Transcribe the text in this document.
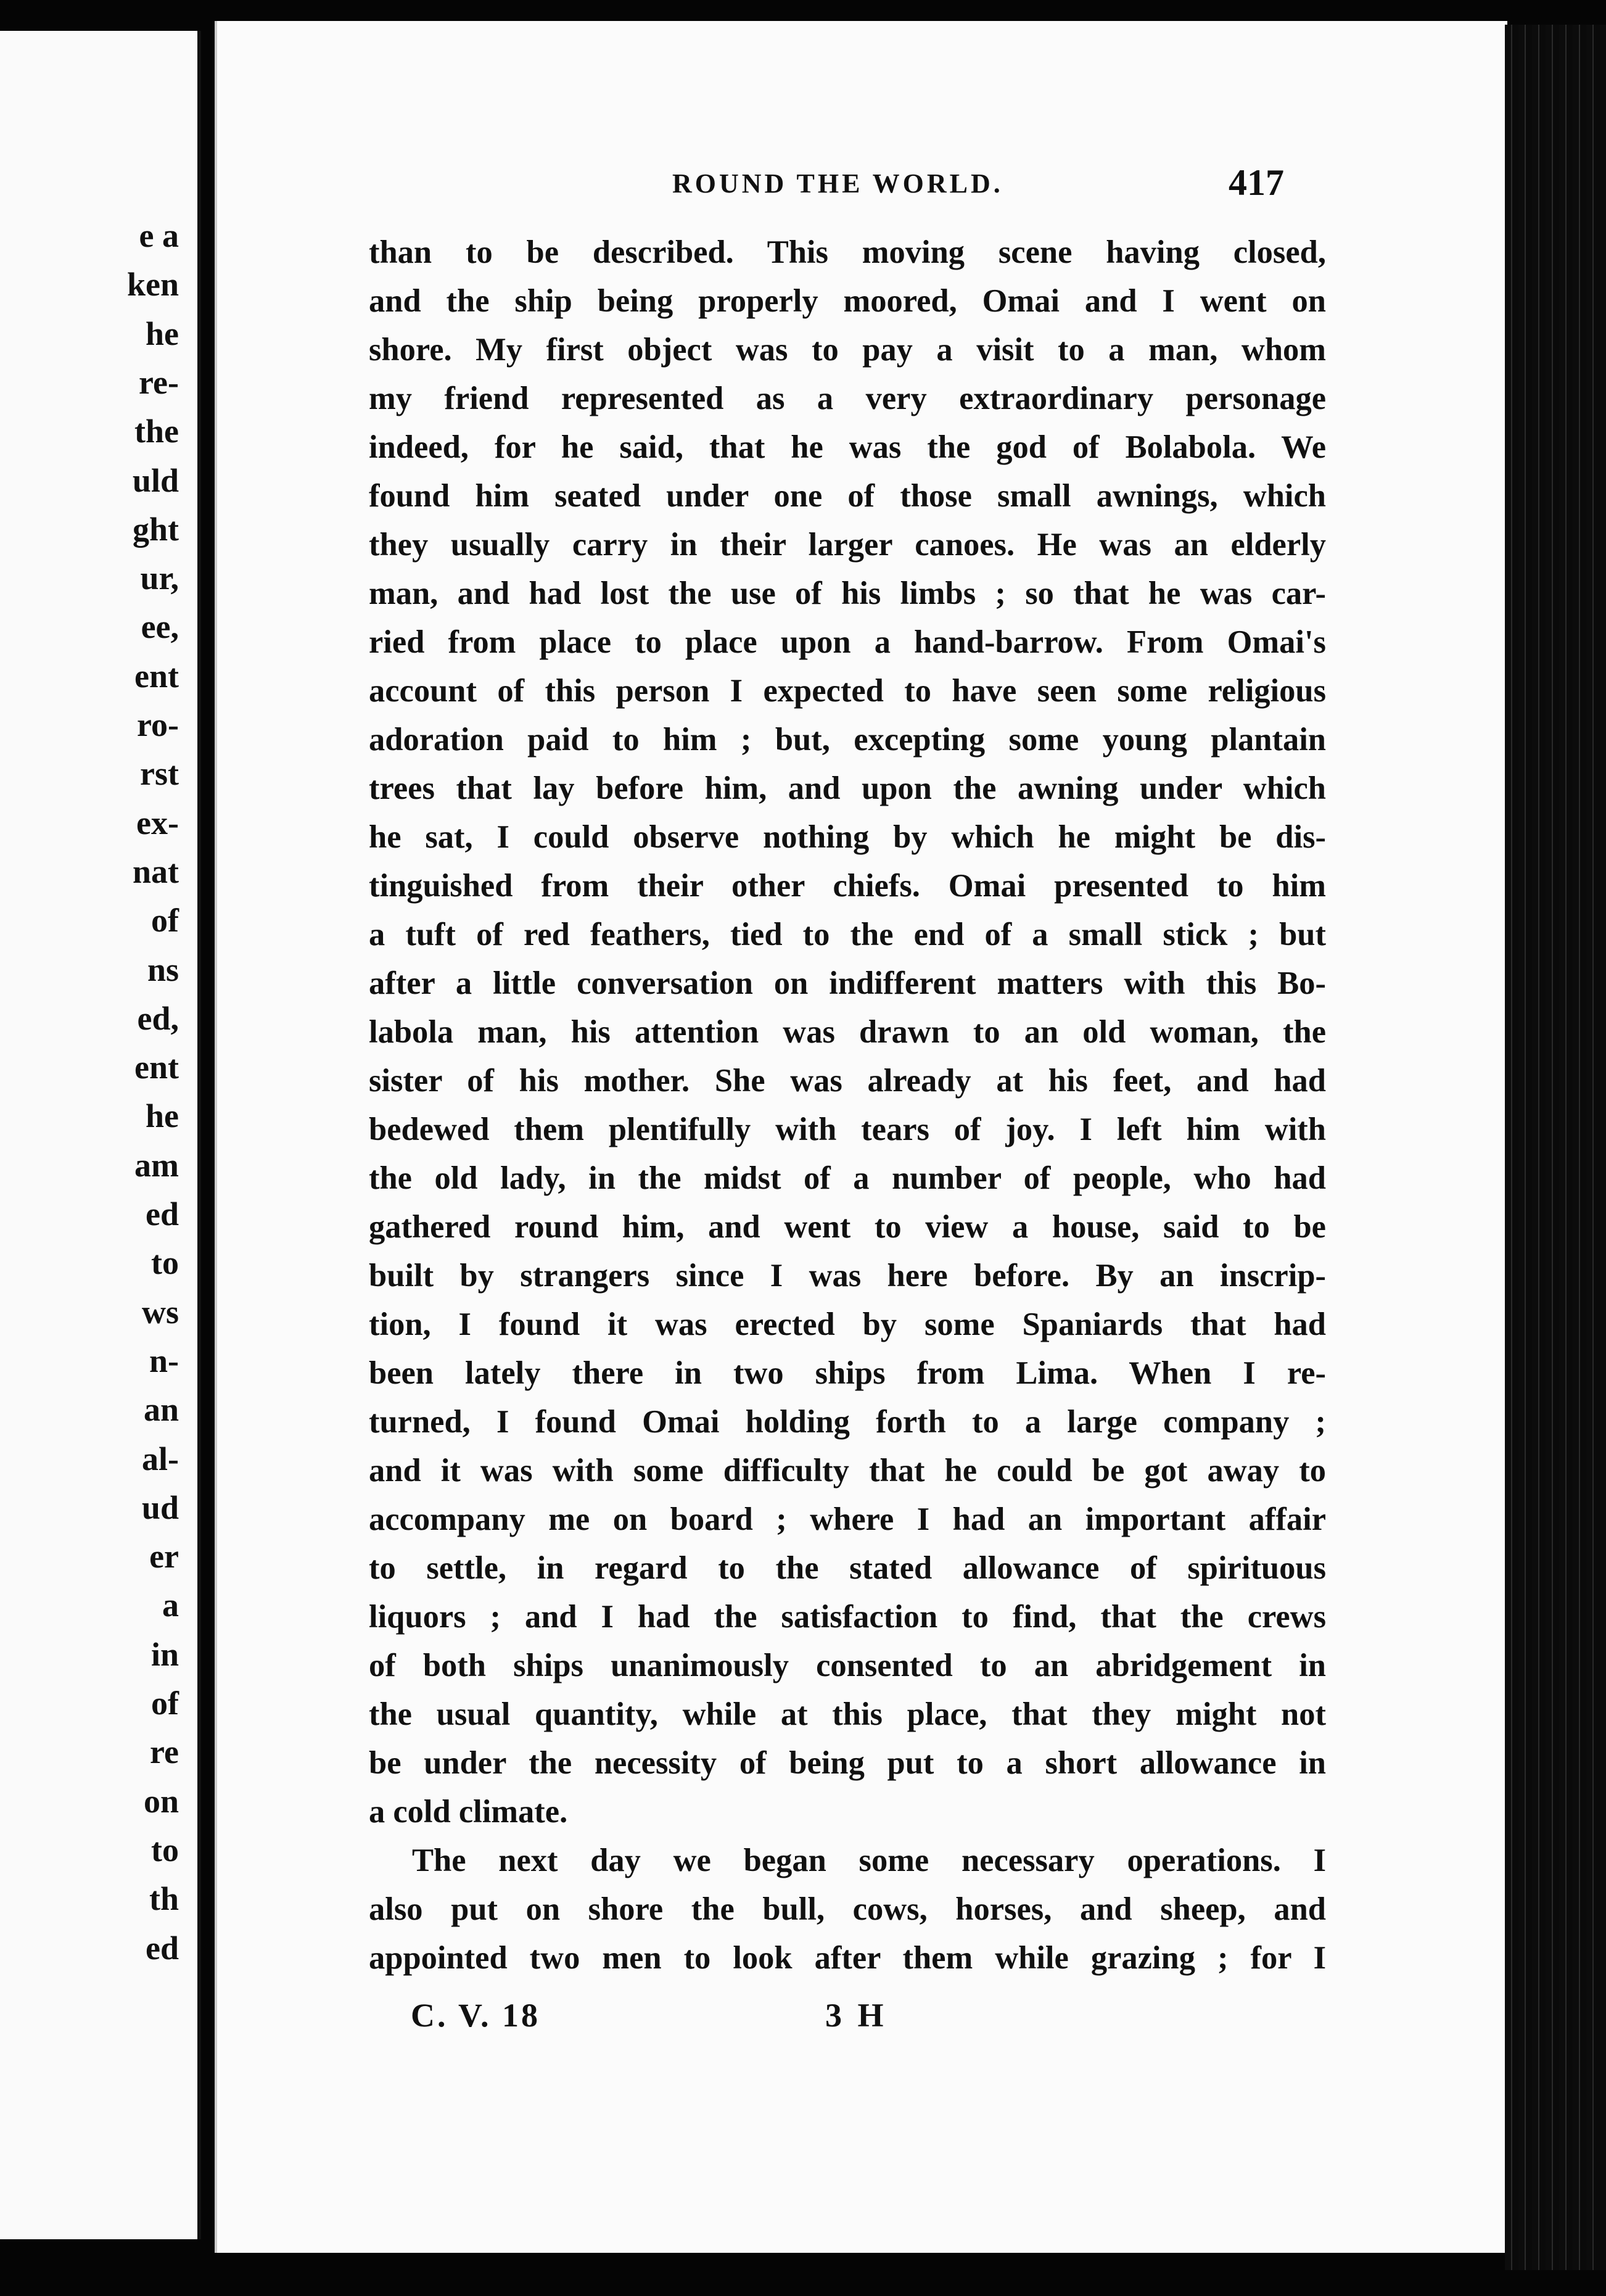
e a
ken
he
re-
the
uld
ght
ur,
ee,
ent
ro-
rst
ex-
nat
of
ns
ed,
ent
he
am
ed
to
ws
n-
an
al-
ud
er
a
in
of
re
on
to
th
ed
ROUND THE WORLD.	417
than to be described. This moving scene having closed,
and the ship being properly moored, Omai and I went on
shore. My first object was to pay a visit to a man, whom
my friend represented as a very extraordinary personage
indeed, for he said, that he was the god of Bolabola. We
found him seated under one of those small awnings, which
they usually carry in their larger canoes. He was an elderly
man, and had lost the use of his limbs ; so that he was car-
ried from place to place upon a hand-barrow. From Omai's
account of this person I expected to have seen some religious
adoration paid to him ; but, excepting some young plantain
trees that lay before him, and upon the awning under which
he sat, I could observe nothing by which he might be dis-
tinguished from their other chiefs. Omai presented to him
a tuft of red feathers, tied to the end of a small stick ; but
after a little conversation on indifferent matters with this Bo-
labola man, his attention was drawn to an old woman, the
sister of his mother. She was already at his feet, and had
bedewed them plentifully with tears of joy. I left him with
the old lady, in the midst of a number of people, who had
gathered round him, and went to view a house, said to be
built by strangers since I was here before. By an inscrip-
tion, I found it was erected by some Spaniards that had
been lately there in two ships from Lima. When I re-
turned, I found Omai holding forth to a large company ;
and it was with some difficulty that he could be got away to
accompany me on board ; where I had an important affair
to settle, in regard to the stated allowance of spirituous
liquors ; and I had the satisfaction to find, that the crews
of both ships unanimously consented to an abridgement in
the usual quantity, while at this place, that they might not
be under the necessity of being put to a short allowance in
a cold climate.
The next day we began some necessary operations. I
also put on shore the bull, cows, horses, and sheep, and
appointed two men to look after them while grazing ; for I
C. V. 18	3 H
